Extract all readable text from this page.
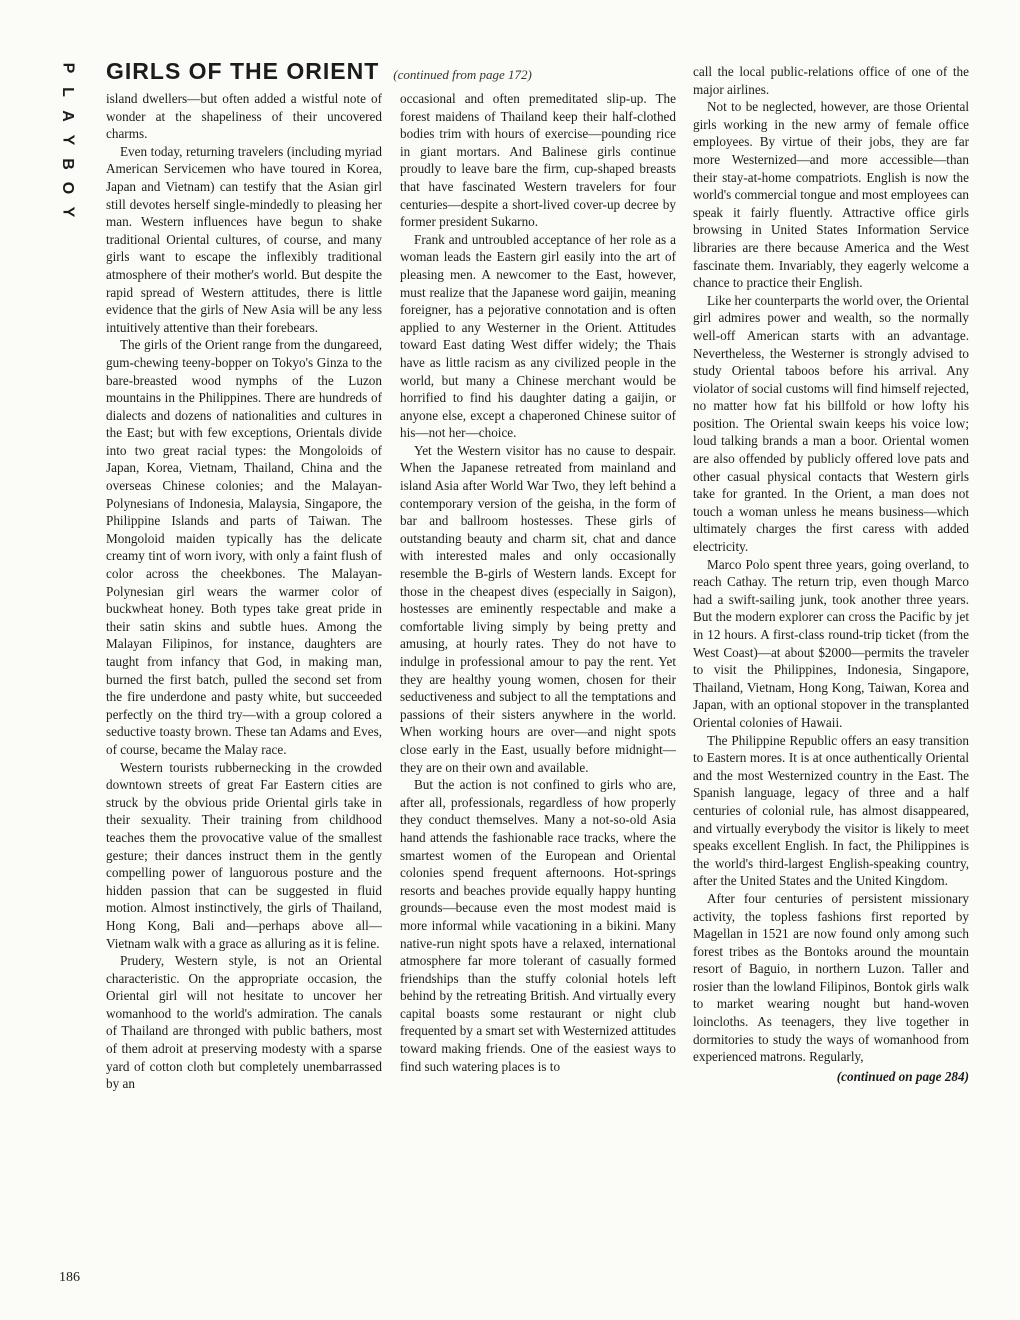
P
L
A
Y
B
O
Y
GIRLS OF THE ORIENT (continued from page 172)

island dwellers—but often added a wistful note of wonder at the shapeliness of their uncovered charms.

Even today, returning travelers (including myriad American Servicemen who have toured in Korea, Japan and Vietnam) can testify that the Asian girl still devotes herself single-mindedly to pleasing her man. Western influences have begun to shake traditional Oriental cultures, of course, and many girls want to escape the inflexibly traditional atmosphere of their mother's world. But despite the rapid spread of Western attitudes, there is little evidence that the girls of New Asia will be any less intuitively attentive than their forebears.

The girls of the Orient range from the dungareed, gum-chewing teeny-bopper on Tokyo's Ginza to the bare-breasted wood nymphs of the Luzon mountains in the Philippines. There are hundreds of dialects and dozens of nationalities and cultures in the East; but with few exceptions, Orientals divide into two great racial types: the Mongoloids of Japan, Korea, Vietnam, Thailand, China and the overseas Chinese colonies; and the Malayan-Polynesians of Indonesia, Malaysia, Singapore, the Philippine Islands and parts of Taiwan. The Mongoloid maiden typically has the delicate creamy tint of worn ivory, with only a faint flush of color across the cheekbones. The Malayan-Polynesian girl wears the warmer color of buckwheat honey. Both types take great pride in their satin skins and subtle hues. Among the Malayan Filipinos, for instance, daughters are taught from infancy that God, in making man, burned the first batch, pulled the second set from the fire underdone and pasty white, but succeeded perfectly on the third try—with a group colored a seductive toasty brown. These tan Adams and Eves, of course, became the Malay race.

Western tourists rubbernecking in the crowded downtown streets of great Far Eastern cities are struck by the obvious pride Oriental girls take in their sexuality. Their training from childhood teaches them the provocative value of the smallest gesture; their dances instruct them in the gently compelling power of languorous posture and the hidden passion that can be suggested in fluid motion. Almost instinctively, the girls of Thailand, Hong Kong, Bali and—perhaps above all—Vietnam walk with a grace as alluring as it is feline.

Prudery, Western style, is not an Oriental characteristic. On the appropriate occasion, the Oriental girl will not hesitate to uncover her womanhood to the world's admiration. The canals of Thailand are thronged with public bathers, most of them adroit at preserving modesty with a sparse yard of cotton cloth but completely unembarrassed by an

occasional and often premeditated slip-up. The forest maidens of Thailand keep their half-clothed bodies trim with hours of exercise—pounding rice in giant mortars. And Balinese girls continue proudly to leave bare the firm, cup-shaped breasts that have fascinated Western travelers for four centuries—despite a short-lived cover-up decree by former president Sukarno.

Frank and untroubled acceptance of her role as a woman leads the Eastern girl easily into the art of pleasing men. A newcomer to the East, however, must realize that the Japanese word gaijin, meaning foreigner, has a pejorative connotation and is often applied to any Westerner in the Orient. Attitudes toward East dating West differ widely; the Thais have as little racism as any civilized people in the world, but many a Chinese merchant would be horrified to find his daughter dating a gaijin, or anyone else, except a chaperoned Chinese suitor of his—not her—choice.

Yet the Western visitor has no cause to despair. When the Japanese retreated from mainland and island Asia after World War Two, they left behind a contemporary version of the geisha, in the form of bar and ballroom hostesses. These girls of outstanding beauty and charm sit, chat and dance with interested males and only occasionally resemble the B-girls of Western lands. Except for those in the cheapest dives (especially in Saigon), hostesses are eminently respectable and make a comfortable living simply by being pretty and amusing, at hourly rates. They do not have to indulge in professional amour to pay the rent. Yet they are healthy young women, chosen for their seductiveness and subject to all the temptations and passions of their sisters anywhere in the world. When working hours are over—and night spots close early in the East, usually before midnight—they are on their own and available.

But the action is not confined to girls who are, after all, professionals, regardless of how properly they conduct themselves. Many a not-so-old Asia hand attends the fashionable race tracks, where the smartest women of the European and Oriental colonies spend frequent afternoons. Hot-springs resorts and beaches provide equally happy hunting grounds—because even the most modest maid is more informal while vacationing in a bikini. Many native-run night spots have a relaxed, international atmosphere far more tolerant of casually formed friendships than the stuffy colonial hotels left behind by the retreating British. And virtually every capital boasts some restaurant or night club frequented by a smart set with Westernized attitudes toward making friends. One of the easiest ways to find such watering places is to

call the local public-relations office of one of the major airlines.

Not to be neglected, however, are those Oriental girls working in the new army of female office employees. By virtue of their jobs, they are far more Westernized—and more accessible—than their stay-at-home compatriots. English is now the world's commercial tongue and most employees can speak it fairly fluently. Attractive office girls browsing in United States Information Service libraries are there because America and the West fascinate them. Invariably, they eagerly welcome a chance to practice their English.

Like her counterparts the world over, the Oriental girl admires power and wealth, so the normally well-off American starts with an advantage. Nevertheless, the Westerner is strongly advised to study Oriental taboos before his arrival. Any violator of social customs will find himself rejected, no matter how fat his billfold or how lofty his position. The Oriental swain keeps his voice low; loud talking brands a man a boor. Oriental women are also offended by publicly offered love pats and other casual physical contacts that Western girls take for granted. In the Orient, a man does not touch a woman unless he means business—which ultimately charges the first caress with added electricity.

Marco Polo spent three years, going overland, to reach Cathay. The return trip, even though Marco had a swift-sailing junk, took another three years. But the modern explorer can cross the Pacific by jet in 12 hours. A first-class round-trip ticket (from the West Coast)—at about $2000—permits the traveler to visit the Philippines, Indonesia, Singapore, Thailand, Vietnam, Hong Kong, Taiwan, Korea and Japan, with an optional stopover in the transplanted Oriental colonies of Hawaii.

The Philippine Republic offers an easy transition to Eastern mores. It is at once authentically Oriental and the most Westernized country in the East. The Spanish language, legacy of three and a half centuries of colonial rule, has almost disappeared, and virtually everybody the visitor is likely to meet speaks excellent English. In fact, the Philippines is the world's third-largest English-speaking country, after the United States and the United Kingdom.

After four centuries of persistent missionary activity, the topless fashions first reported by Magellan in 1521 are now found only among such forest tribes as the Bontoks around the mountain resort of Baguio, in northern Luzon. Taller and rosier than the lowland Filipinos, Bontok girls walk to market wearing nought but hand-woven loincloths. As teenagers, they live together in dormitories to study the ways of womanhood from experienced matrons. Regularly,

(continued on page 284)

186
